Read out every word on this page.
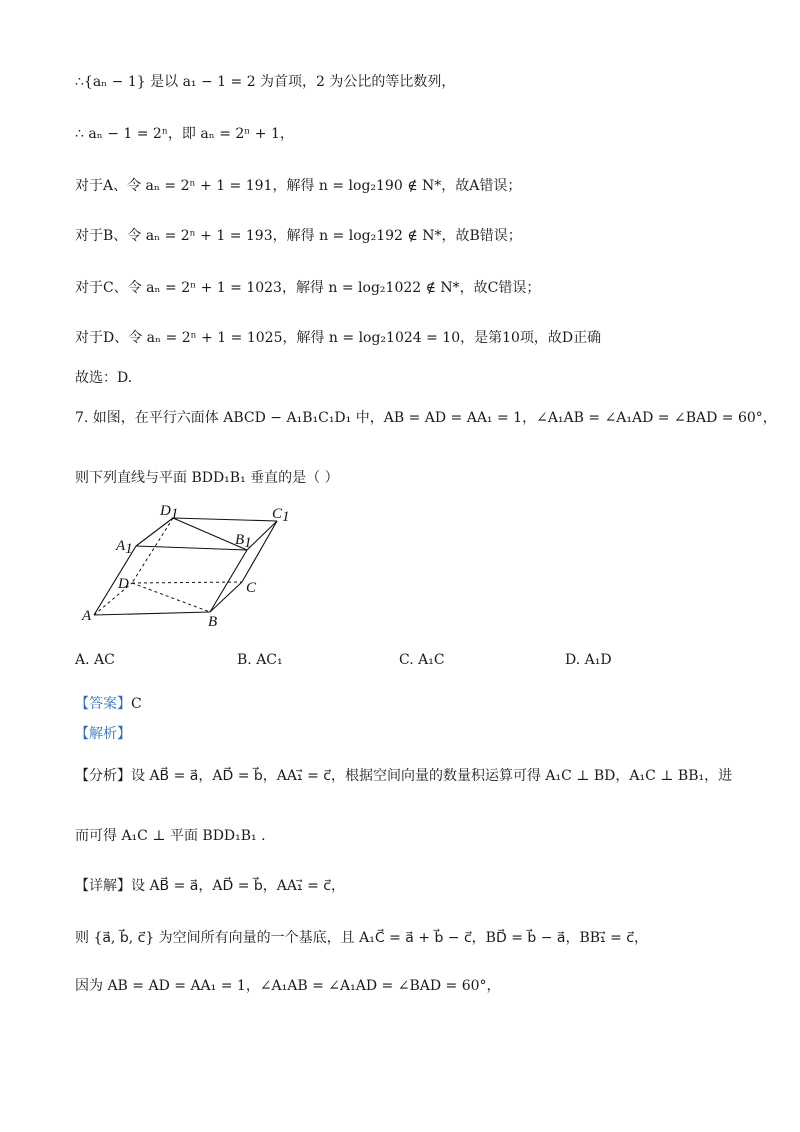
∴{aₙ − 1} 是以 a₁ − 1 = 2 为首项，2 为公比的等比数列，
∴ aₙ − 1 = 2ⁿ，即 aₙ = 2ⁿ + 1，
对于A、令 aₙ = 2ⁿ + 1 = 191，解得 n = log₂190 ∉ N*，故A错误；
对于B、令 aₙ = 2ⁿ + 1 = 193，解得 n = log₂192 ∉ N*，故B错误；
对于C、令 aₙ = 2ⁿ + 1 = 1023，解得 n = log₂1022 ∉ N*，故C错误；
对于D、令 aₙ = 2ⁿ + 1 = 1025，解得 n = log₂1024 = 10，是第10项，故D正确
故选：D.
7. 如图，在平行六面体 ABCD − A₁B₁C₁D₁ 中，AB = AD = AA₁ = 1，∠A₁AB = ∠A₁AD = ∠BAD = 60°，
则下列直线与平面 BDD₁B₁ 垂直的是（ ）
D1	C1
A1
B1
D	C
A	B
A. AC	B. AC₁	C. A₁C	D. A₁D
【答案】C
【解析】
【分析】设 AB⃗ = a⃗，AD⃗ = b⃗，AA₁⃗ = c⃗，根据空间向量的数量积运算可得 A₁C ⊥ BD，A₁C ⊥ BB₁，进
而可得 A₁C ⊥ 平面 BDD₁B₁ .
【详解】设 AB⃗ = a⃗，AD⃗ = b⃗，AA₁⃗ = c⃗，
则 {a⃗, b⃗, c⃗} 为空间所有向量的一个基底，且 A₁C⃗ = a⃗ + b⃗ − c⃗，BD⃗ = b⃗ − a⃗，BB₁⃗ = c⃗，
因为 AB = AD = AA₁ = 1，∠A₁AB = ∠A₁AD = ∠BAD = 60°，
